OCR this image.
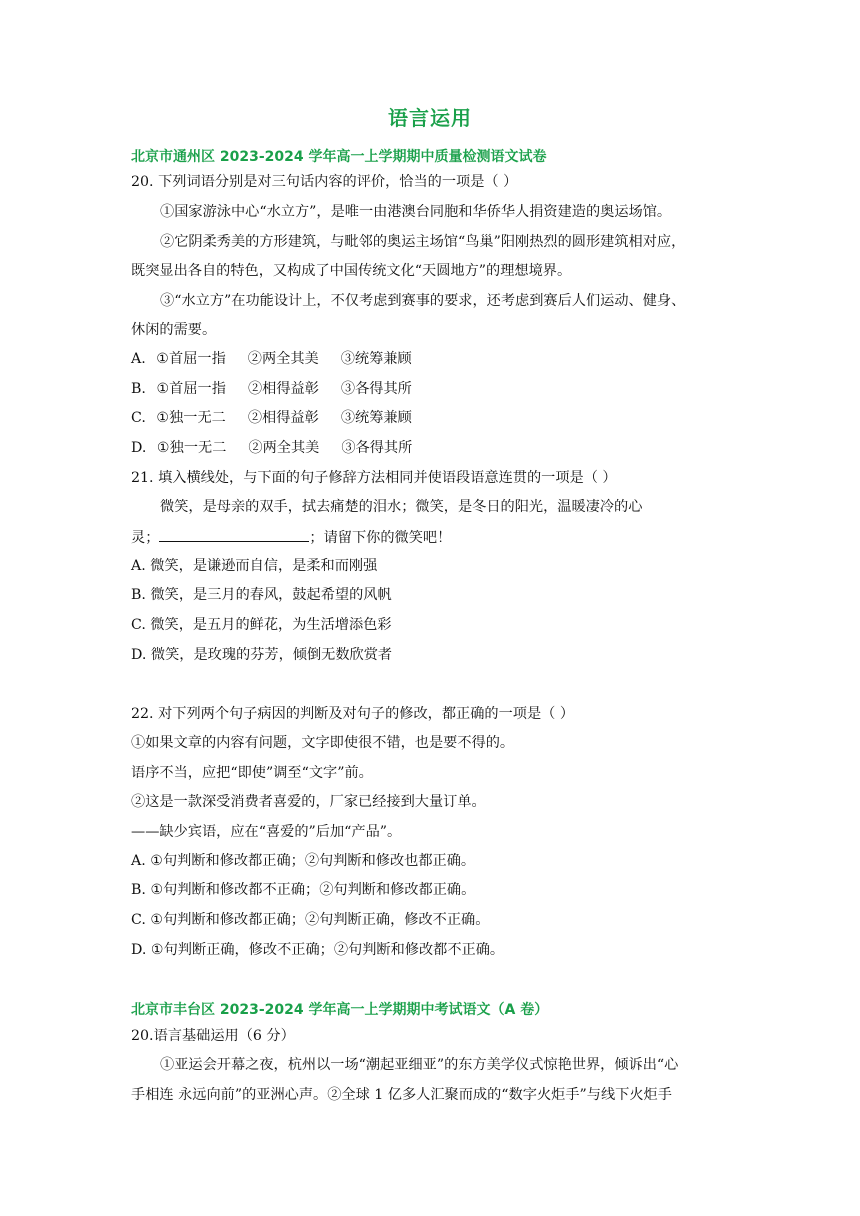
语言运用
北京市通州区 2023-2024 学年高一上学期期中质量检测语文试卷
20. 下列词语分别是对三句话内容的评价，恰当的一项是（ ）
①国家游泳中心“水立方”，是唯一由港澳台同胞和华侨华人捐资建造的奥运场馆。
②它阴柔秀美的方形建筑，与毗邻的奥运主场馆“鸟巢”阳刚热烈的圆形建筑相对应，
既突显出各自的特色，又构成了中国传统文化“天圆地方”的理想境界。
③“水立方”在功能设计上，不仅考虑到赛事的要求，还考虑到赛后人们运动、健身、
休闲的需要。
A. ①首屈一指 ②两全其美 ③统筹兼顾
B. ①首屈一指 ②相得益彰 ③各得其所
C. ①独一无二 ②相得益彰 ③统筹兼顾
D. ①独一无二 ②两全其美 ③各得其所
21. 填入横线处，与下面的句子修辞方法相同并使语段语意连贯的一项是（ ）
微笑，是母亲的双手，拭去痛楚的泪水；微笑，是冬日的阳光，温暖凄冷的心
灵；	；请留下你的微笑吧！
A. 微笑，是谦逊而自信，是柔和而刚强
B. 微笑，是三月的春风，鼓起希望的风帆
C. 微笑，是五月的鲜花，为生活增添色彩
D. 微笑，是玫瑰的芬芳，倾倒无数欣赏者
22. 对下列两个句子病因的判断及对句子的修改，都正确的一项是（ ）
①如果文章的内容有问题，文字即使很不错，也是要不得的。
语序不当，应把“即使”调至“文字”前。
②这是一款深受消费者喜爱的，厂家已经接到大量订单。
——缺少宾语，应在“喜爱的”后加“产品”。
A. ①句判断和修改都正确；②句判断和修改也都正确。
B. ①句判断和修改都不正确；②句判断和修改都正确。
C. ①句判断和修改都正确；②句判断正确，修改不正确。
D. ①句判断正确，修改不正确；②句判断和修改都不正确。
北京市丰台区 2023-2024 学年高一上学期期中考试语文（A 卷）
20.语言基础运用（6 分）
①亚运会开幕之夜，杭州以一场“潮起亚细亚”的东方美学仪式惊艳世界，倾诉出“心
手相连 永远向前”的亚洲心声。②全球 1 亿多人汇聚而成的“数字火炬手”与线下火炬手
